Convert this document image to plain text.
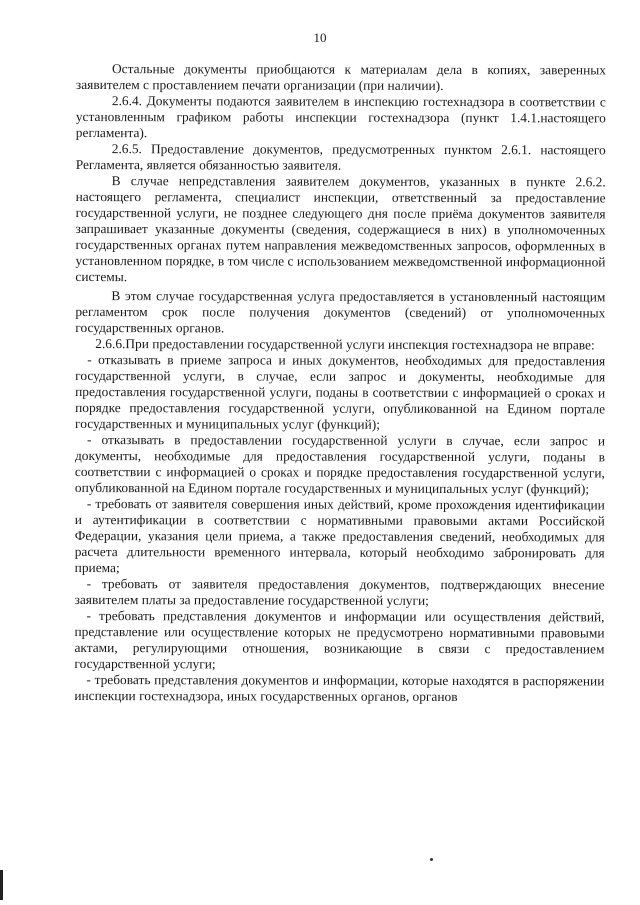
10

Остальные документы приобщаются к материалам дела в копиях, заверенных заявителем с проставлением печати организации (при наличии).

2.6.4. Документы подаются заявителем в инспекцию гостехнадзора в соответствии с установленным графиком работы инспекции гостехнадзора (пункт 1.4.1.настоящего регламента).

2.6.5. Предоставление документов, предусмотренных пунктом 2.6.1. настоящего Регламента, является обязанностью заявителя.

В случае непредставления заявителем документов, указанных в пункте 2.6.2. настоящего регламента, специалист инспекции, ответственный за предоставление государственной услуги, не позднее следующего дня после приёма документов заявителя запрашивает указанные документы (сведения, содержащиеся в них) в уполномоченных государственных органах путем направления межведомственных запросов, оформленных в установленном порядке, в том числе с использованием межведомственной информационной системы.

В этом случае государственная услуга предоставляется в установленный настоящим регламентом срок после получения документов (сведений) от уполномоченных государственных органов.

2.6.6.При предоставлении государственной услуги инспекция гостехнадзора не вправе:

- отказывать в приеме запроса и иных документов, необходимых для предоставления государственной услуги, в случае, если запрос и документы, необходимые для предоставления государственной услуги, поданы в соответствии с информацией о сроках и порядке предоставления государственной услуги, опубликованной на Едином портале государственных и муниципальных услуг (функций);

- отказывать в предоставлении государственной услуги в случае, если запрос и документы, необходимые для предоставления государственной услуги, поданы в соответствии с информацией о сроках и порядке предоставления государственной услуги, опубликованной на Едином портале государственных и муниципальных услуг (функций);

- требовать от заявителя совершения иных действий, кроме прохождения идентификации и аутентификации в соответствии с нормативными правовыми актами Российской Федерации, указания цели приема, а также предоставления сведений, необходимых для расчета длительности временного интервала, который необходимо забронировать для приема;

- требовать от заявителя предоставления документов, подтверждающих внесение заявителем платы за предоставление государственной услуги;

- требовать представления документов и информации или осуществления действий, представление или осуществление которых не предусмотрено нормативными правовыми актами, регулирующими отношения, возникающие в связи с предоставлением государственной услуги;

- требовать представления документов и информации, которые находятся в распоряжении инспекции гостехнадзора, иных государственных органов, органов
